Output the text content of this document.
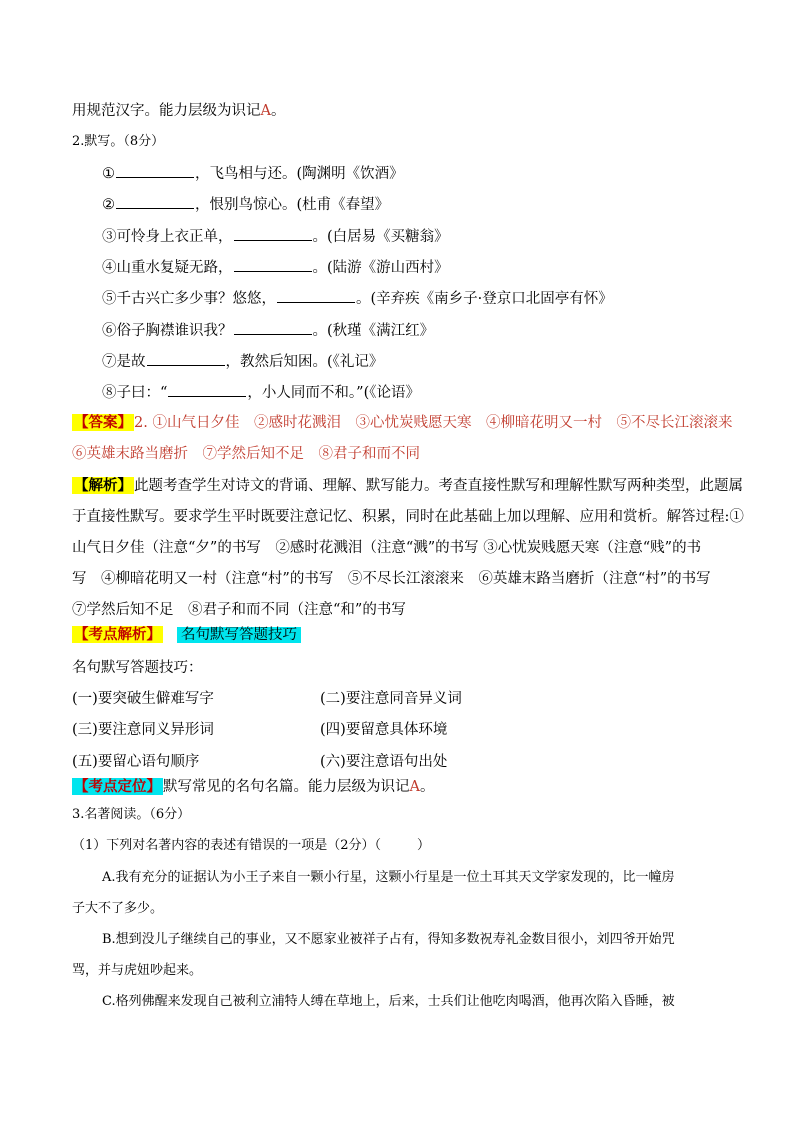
用规范汉字。能力层级为识记A。
2.默写。（8分）
①	，飞鸟相与还。(陶渊明《饮酒》
②	，恨别鸟惊心。(杜甫《春望》
③可怜身上衣正单，	。(白居易《买糖翁》
④山重水复疑无路，	。(陆游《游山西村》
⑤千古兴亡多少事？悠悠，	。(辛弃疾《南乡子·登京口北固亭有怀》
⑥俗子胸襟谁识我？	。(秋瑾《满江红》
⑦是故	，教然后知困。(《礼记》
⑧子曰：“	，小人同而不和。”(《论语》
【答案】 2. ①山气日夕佳　②感时花溅泪　③心忧炭贱愿天寒　④柳暗花明又一村　⑤不尽长江滚滚来
⑥英雄末路当磨折　⑦学然后知不足　⑧君子和而不同
【解析】 此题考查学生对诗文的背诵、理解、默写能力。考查直接性默写和理解性默写两种类型，此题属
于直接性默写。要求学生平时既要注意记忆、积累，同时在此基础上加以理解、应用和赏析。解答过程:①
山气日夕佳（注意“夕”的书写　②感时花溅泪（注意“溅”的书写 ③心忧炭贱愿天寒（注意“贱”的书
写　④柳暗花明又一村（注意“村”的书写　⑤不尽长江滚滚来　⑥英雄末路当磨折（注意“村”的书写
⑦学然后知不足　⑧君子和而不同（注意“和”的书写
【考点解析】 名句默写答题技巧
名句默写答题技巧：
(一)要突破生僻难写字	(二)要注意同音异义词
(三)要注意同义异形词	(四)要留意具体环境
(五)要留心语句顺序	(六)要注意语句出处
【考点定位】 默写常见的名句名篇。能力层级为识记A。
3.名著阅读。（6分）
（1）下列对名著内容的表述有错误的一项是（2分）（	）
A.我有充分的证据认为小王子来自一颗小行星，这颗小行星是一位土耳其天文学家发现的，比一幢房
子大不了多少。
B.想到没儿子继续自己的事业，又不愿家业被祥子占有，得知多数祝寿礼金数目很小，刘四爷开始咒
骂，并与虎妞吵起来。
C.格列佛醒来发现自己被利立浦特人缚在草地上，后来，士兵们让他吃肉喝酒，他再次陷入昏睡，被
